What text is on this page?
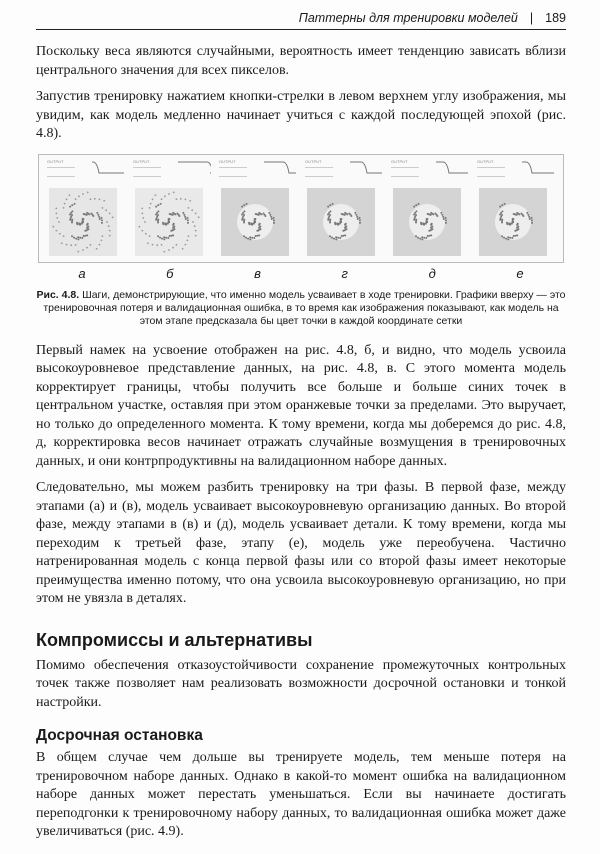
Паттерны для тренировки моделей | 189

Поскольку веса являются случайными, вероятность имеет тенденцию зависать вблизи центрального значения для всех пикселов.

Запустив тренировку нажатием кнопки-стрелки в левом верхнем углу изображения, мы увидим, как модель медленно начинает учиться с каждой последующей эпохой (рис. 4.8).

OUTPUT	OUTPUT	OUTPUT	OUTPUT	OUTPUT	OUTPUT
а	б	в	г	д	е
Рис. 4.8. Шаги, демонстрирующие, что именно модель усваивает в ходе тренировки. Графики вверху — это тренировочная потеря и валидационная ошибка, в то время как изображения показывают, как модель на этом этапе предсказала бы цвет точки в каждой координате сетки

Первый намек на усвоение отображен на рис. 4.8, б, и видно, что модель усвоила высокоуровневое представление данных, на рис. 4.8, в. С этого момента модель корректирует границы, чтобы получить все больше и больше синих точек в центральном участке, оставляя при этом оранжевые точки за пределами. Это выручает, но только до определенного момента. К тому времени, когда мы доберемся до рис. 4.8, д, корректировка весов начинает отражать случайные возмущения в тренировочных данных, и они контрпродуктивны на валидационном наборе данных.

Следовательно, мы можем разбить тренировку на три фазы. В первой фазе, между этапами (а) и (в), модель усваивает высокоуровневую организацию данных. Во второй фазе, между этапами в (в) и (д), модель усваивает детали. К тому времени, когда мы переходим к третьей фазе, этапу (е), модель уже переобучена. Частично натренированная модель с конца первой фазы или со второй фазы имеет некоторые преимущества именно потому, что она усвоила высокоуровневую организацию, но при этом не увязла в деталях.

Компромиссы и альтернативы

Помимо обеспечения отказоустойчивости сохранение промежуточных контрольных точек также позволяет нам реализовать возможности досрочной остановки и тонкой настройки.

Досрочная остановка

В общем случае чем дольше вы тренируете модель, тем меньше потеря на тренировочном наборе данных. Однако в какой-то момент ошибка на валидационном наборе данных может перестать уменьшаться. Если вы начинаете достигать переподгонки к тренировочному набору данных, то валидационная ошибка может даже увеличиваться (рис. 4.9).
